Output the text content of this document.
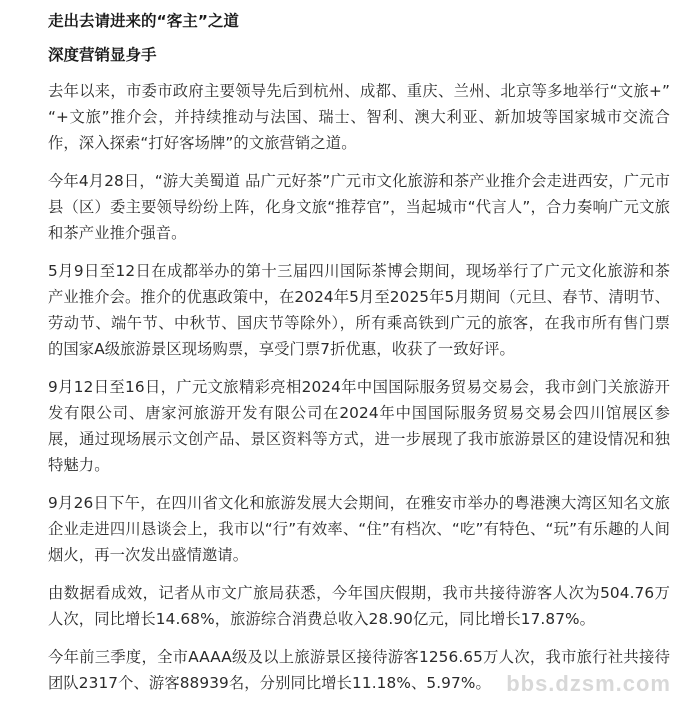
走出去请进来的“客主”之道
深度营销显身手

去年以来，市委市政府主要领导先后到杭州、成都、重庆、兰州、北京等多地举行“文旅+” “+文旅”推介会，并持续推动与法国、瑞士、智利、澳大利亚、新加坡等国家城市交流合作，深入探索“打好客场牌”的文旅营销之道。

今年4月28日，“游大美蜀道 品广元好茶”广元市文化旅游和茶产业推介会走进西安，广元市县（区）委主要领导纷纷上阵，化身文旅“推荐官”，当起城市“代言人”，合力奏响广元文旅和茶产业推介强音。

5月9日至12日在成都举办的第十三届四川国际茶博会期间，现场举行了广元文化旅游和茶产业推介会。推介的优惠政策中，在2024年5月至2025年5月期间（元旦、春节、清明节、劳动节、端午节、中秋节、国庆节等除外），所有乘高铁到广元的旅客，在我市所有售门票的国家A级旅游景区现场购票，享受门票7折优惠，收获了一致好评。

9月12日至16日，广元文旅精彩亮相2024年中国国际服务贸易交易会，我市剑门关旅游开发有限公司、唐家河旅游开发有限公司在2024年中国国际服务贸易交易会四川馆展区参展，通过现场展示文创产品、景区资料等方式，进一步展现了我市旅游景区的建设情况和独特魅力。

9月26日下午，在四川省文化和旅游发展大会期间，在雅安市举办的粤港澳大湾区知名文旅企业走进四川恳谈会上，我市以“行”有效率、“住”有档次、“吃”有特色、“玩”有乐趣的人间烟火，再一次发出盛情邀请。

由数据看成效，记者从市文广旅局获悉，今年国庆假期，我市共接待游客人次为504.76万人次，同比增长14.68%，旅游综合消费总收入28.90亿元，同比增长17.87%。

今年前三季度，全市AAAA级及以上旅游景区接待游客1256.65万人次，我市旅行社共接待团队2317个、游客88939名，分别同比增长11.18%、5.97%。 bbs.dzsm.com
